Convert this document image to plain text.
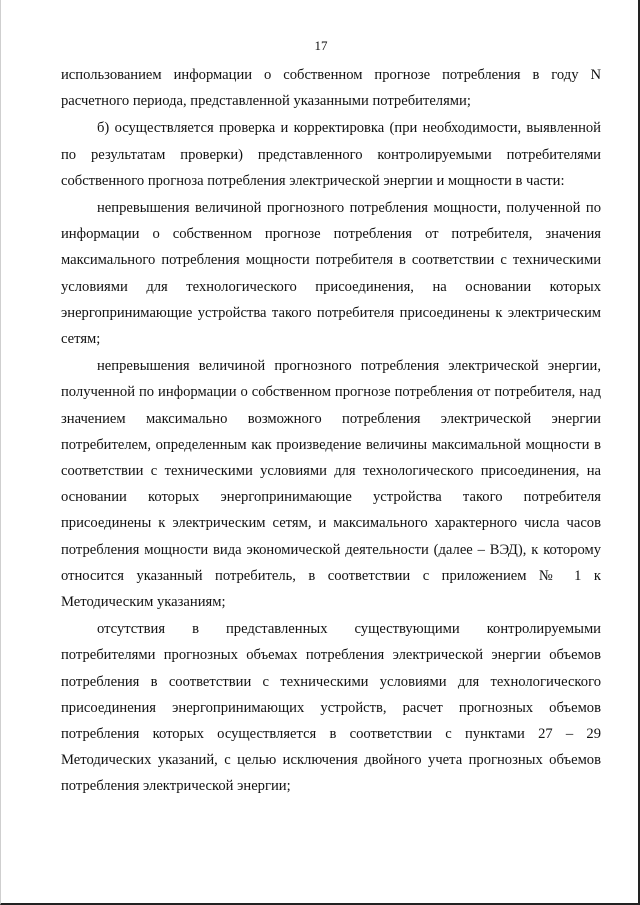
17

использованием информации о собственном прогнозе потребления в году N расчетного периода, представленной указанными потребителями;

б) осуществляется проверка и корректировка (при необходимости, выявленной по результатам проверки) представленного контролируемыми потребителями собственного прогноза потребления электрической энергии и мощности в части:

непревышения величиной прогнозного потребления мощности, полученной по информации о собственном прогнозе потребления от потребителя, значения максимального потребления мощности потребителя в соответствии с техническими условиями для технологического присоединения, на основании которых энергопринимающие устройства такого потребителя присоединены к электрическим сетям;

непревышения величиной прогнозного потребления электрической энергии, полученной по информации о собственном прогнозе потребления от потребителя, над значением максимально возможного потребления электрической энергии потребителем, определенным как произведение величины максимальной мощности в соответствии с техническими условиями для технологического присоединения, на основании которых энергопринимающие устройства такого потребителя присоединены к электрическим сетям, и максимального характерного числа часов потребления мощности вида экономической деятельности (далее – ВЭД), к которому относится указанный потребитель, в соответствии с приложением № 1 к Методическим указаниям;

отсутствия в представленных существующими контролируемыми потребителями прогнозных объемах потребления электрической энергии объемов потребления в соответствии с техническими условиями для технологического присоединения энергопринимающих устройств, расчет прогнозных объемов потребления которых осуществляется в соответствии с пунктами 27 – 29 Методических указаний, с целью исключения двойного учета прогнозных объемов потребления электрической энергии;
